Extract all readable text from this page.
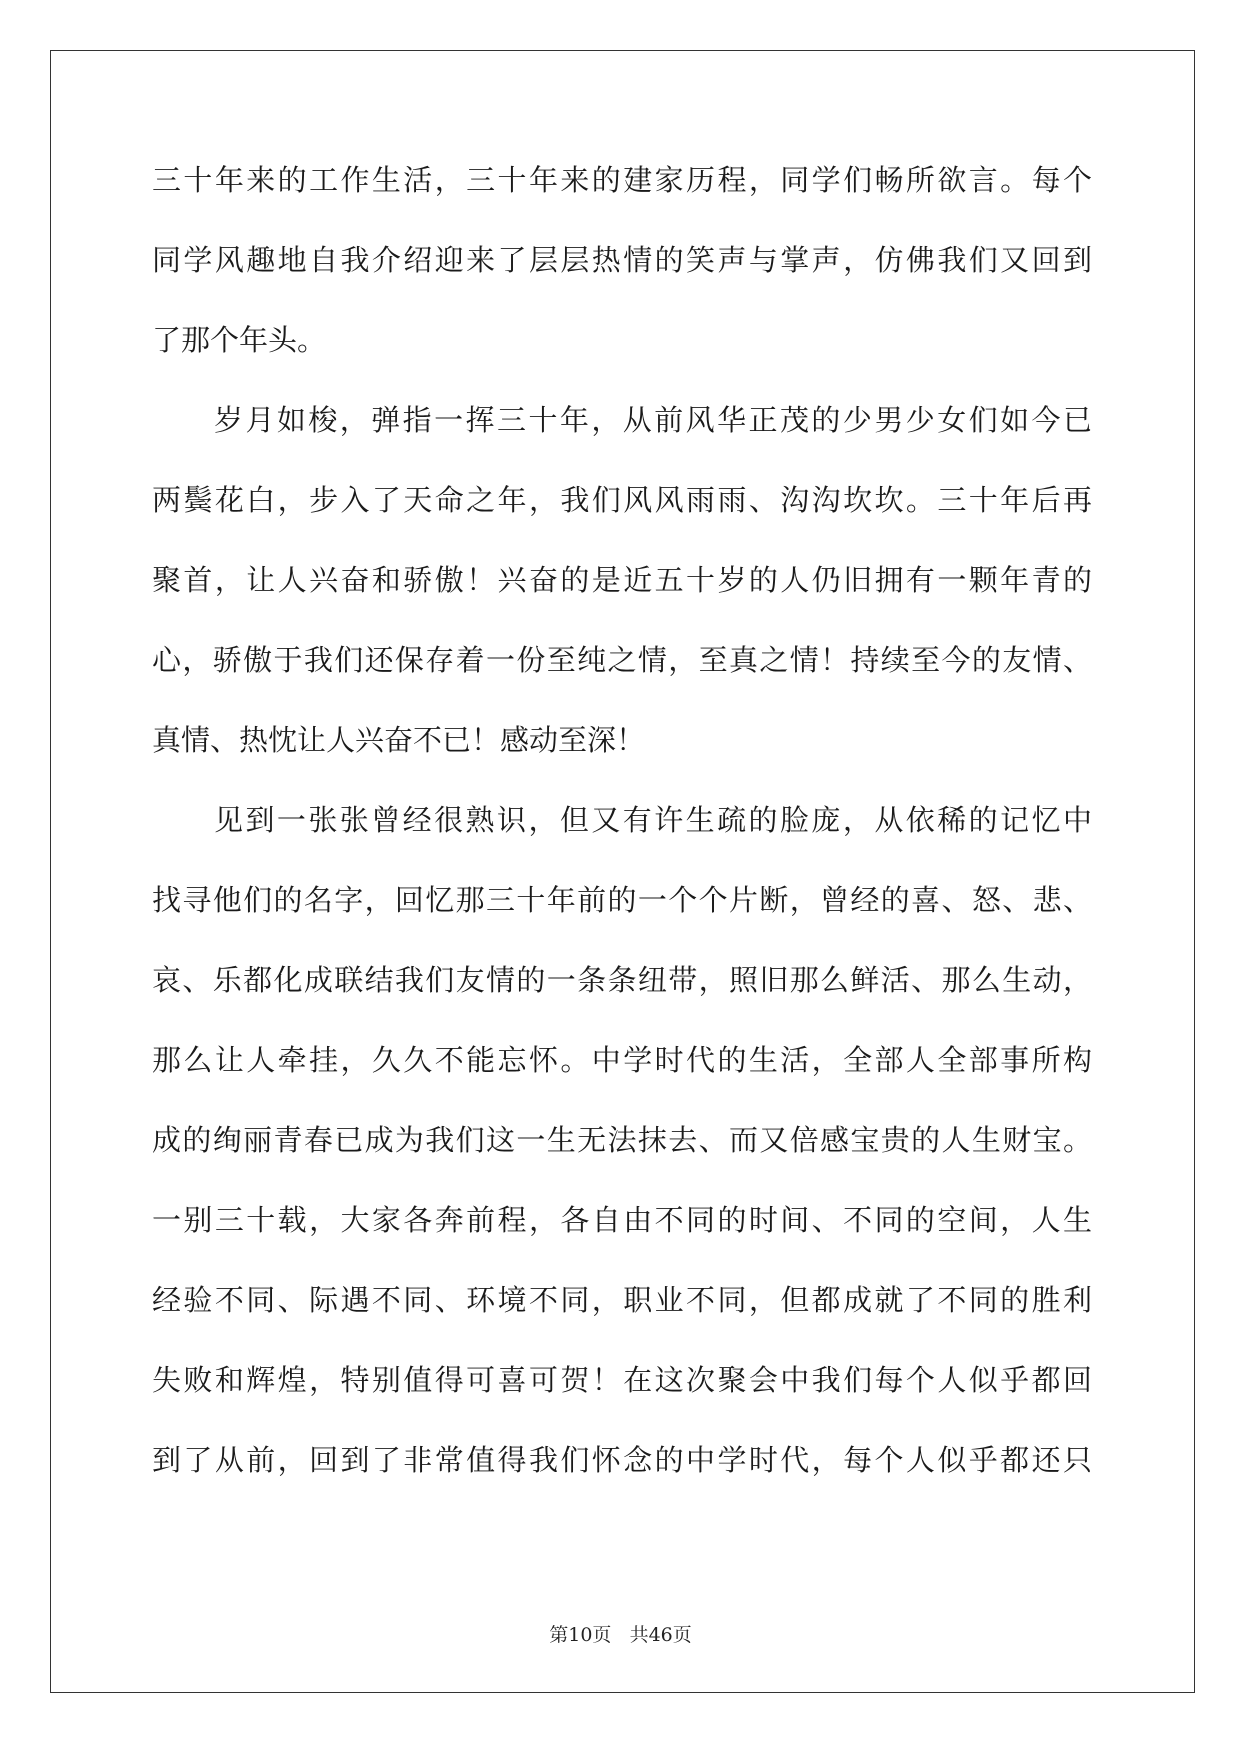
三十年来的工作生活，三十年来的建家历程，同学们畅所欲言。每个
同学风趣地自我介绍迎来了层层热情的笑声与掌声，仿佛我们又回到
了那个年头。
岁月如梭，弹指一挥三十年，从前风华正茂的少男少女们如今已
两鬓花白，步入了天命之年，我们风风雨雨、沟沟坎坎。三十年后再
聚首，让人兴奋和骄傲！兴奋的是近五十岁的人仍旧拥有一颗年青的
心，骄傲于我们还保存着一份至纯之情，至真之情！持续至今的友情、
真情、热忱让人兴奋不已！感动至深！
见到一张张曾经很熟识，但又有许生疏的脸庞，从依稀的记忆中
找寻他们的名字，回忆那三十年前的一个个片断，曾经的喜、怒、悲、
哀、乐都化成联结我们友情的一条条纽带，照旧那么鲜活、那么生动，
那么让人牵挂，久久不能忘怀。中学时代的生活，全部人全部事所构
成的绚丽青春已成为我们这一生无法抹去、而又倍感宝贵的人生财宝。
一别三十载，大家各奔前程，各自由不同的时间、不同的空间，人生
经验不同、际遇不同、环境不同，职业不同，但都成就了不同的胜利
失败和辉煌，特别值得可喜可贺！在这次聚会中我们每个人似乎都回
到了从前，回到了非常值得我们怀念的中学时代，每个人似乎都还只
第10页 共46页
